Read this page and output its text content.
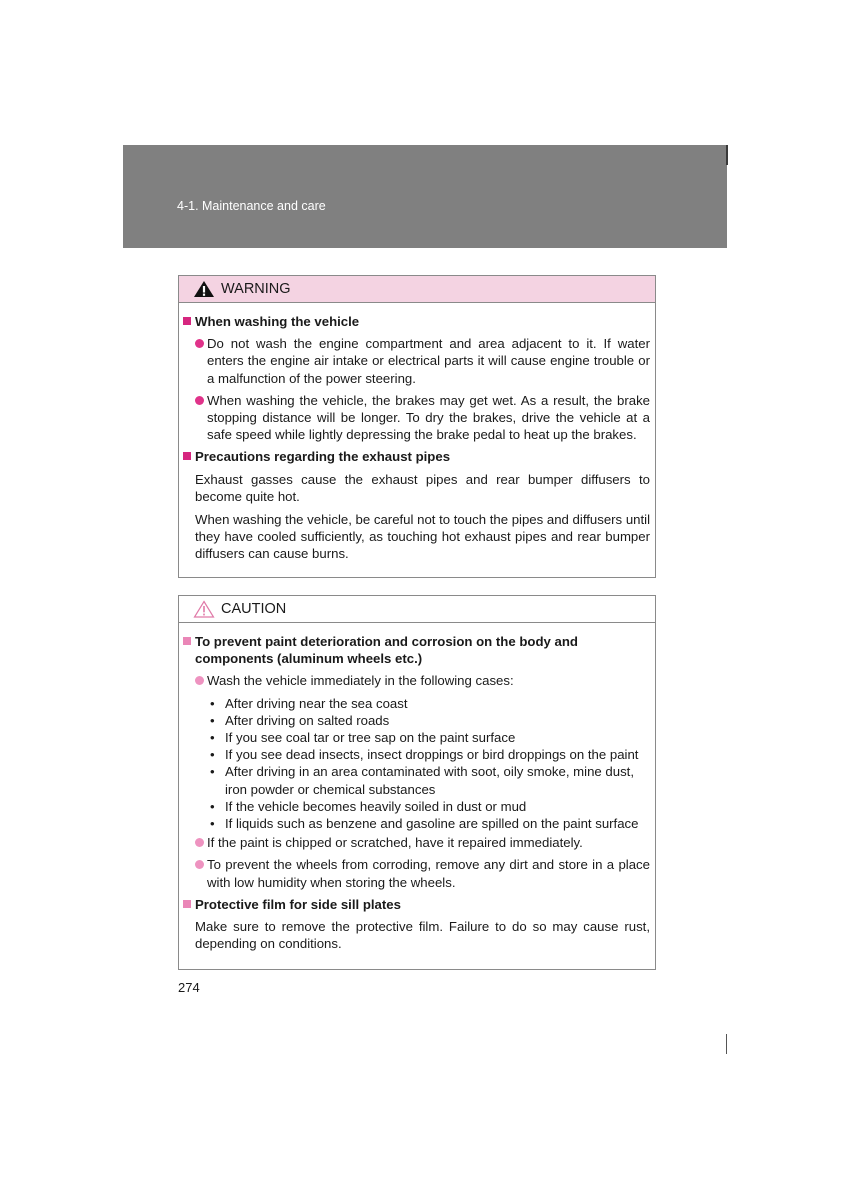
4-1. Maintenance and care
WARNING
When washing the vehicle
Do not wash the engine compartment and area adjacent to it. If water enters the engine air intake or electrical parts it will cause engine trouble or a malfunction of the power steering.
When washing the vehicle, the brakes may get wet. As a result, the brake stopping distance will be longer. To dry the brakes, drive the vehicle at a safe speed while lightly depressing the brake pedal to heat up the brakes.
Precautions regarding the exhaust pipes
Exhaust gasses cause the exhaust pipes and rear bumper diffusers to become quite hot.
When washing the vehicle, be careful not to touch the pipes and diffusers until they have cooled sufficiently, as touching hot exhaust pipes and rear bumper diffusers can cause burns.
CAUTION
To prevent paint deterioration and corrosion on the body and components (aluminum wheels etc.)
Wash the vehicle immediately in the following cases:
• After driving near the sea coast
• After driving on salted roads
• If you see coal tar or tree sap on the paint surface
• If you see dead insects, insect droppings or bird droppings on the paint
• After driving in an area contaminated with soot, oily smoke, mine dust, iron powder or chemical substances
• If the vehicle becomes heavily soiled in dust or mud
• If liquids such as benzene and gasoline are spilled on the paint surface
If the paint is chipped or scratched, have it repaired immediately.
To prevent the wheels from corroding, remove any dirt and store in a place with low humidity when storing the wheels.
Protective film for side sill plates
Make sure to remove the protective film. Failure to do so may cause rust, depending on conditions.
274
